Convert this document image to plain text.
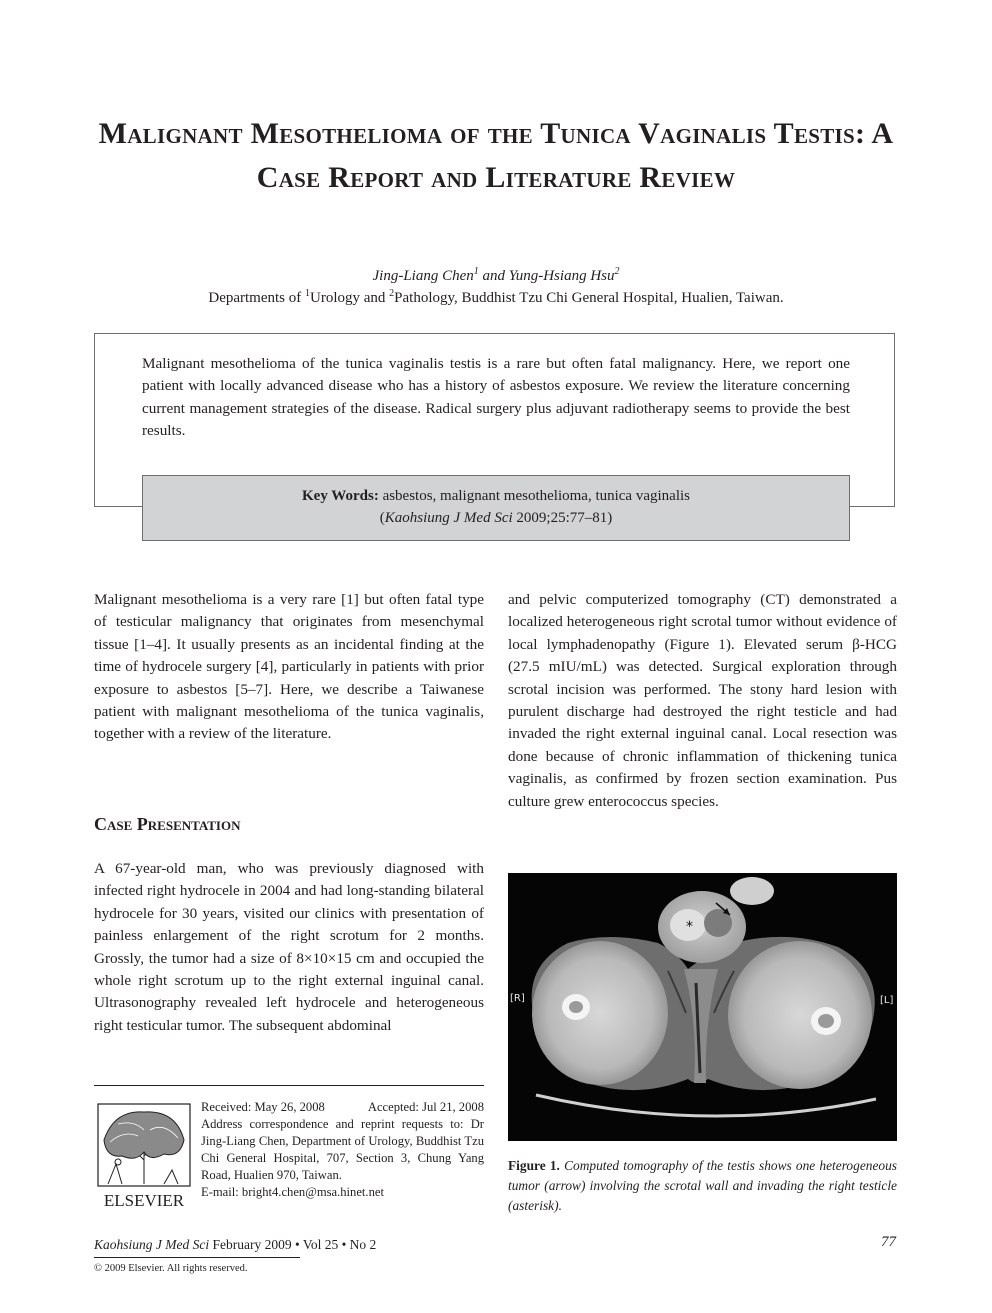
Malignant Mesothelioma of the Tunica Vaginalis Testis: A Case Report and Literature Review
Jing-Liang Chen$^1$ and Yung-Hsiang Hsu$^2$
Departments of $^1$Urology and $^2$Pathology, Buddhist Tzu Chi General Hospital, Hualien, Taiwan.

Malignant mesothelioma of the tunica vaginalis testis is a rare but often fatal malignancy. Here, we report one patient with locally advanced disease who has a history of asbestos exposure. We review the literature concerning current management strategies of the disease. Radical surgery plus adjuvant radiotherapy seems to provide the best results.

Key Words: asbestos, malignant mesothelioma, tunica vaginalis
(Kaohsiung J Med Sci 2009;25:77–81)

Malignant mesothelioma is a very rare [1] but often fatal type of testicular malignancy that originates from mesenchymal tissue [1–4]. It usually presents as an incidental finding at the time of hydrocele surgery [4], particularly in patients with prior exposure to asbestos [5–7]. Here, we describe a Taiwanese patient with malignant mesothelioma of the tunica vaginalis, together with a review of the literature.

Case Presentation

A 67-year-old man, who was previously diagnosed with infected right hydrocele in 2004 and had long-standing bilateral hydrocele for 30 years, visited our clinics with presentation of painless enlargement of the right scrotum for 2 months. Grossly, the tumor had a size of 8×10×15 cm and occupied the whole right scrotum up to the right external inguinal canal. Ultrasonography revealed left hydrocele and heterogeneous right testicular tumor. The subsequent abdominal

ELSEVIER
Received: May 26, 2008	Accepted: Jul 21, 2008
Address correspondence and reprint requests to: Dr Jing-Liang Chen, Department of Urology, Buddhist Tzu Chi General Hospital, 707, Section 3, Chung Yang Road, Hualien 970, Taiwan.
E-mail: bright4.chen@msa.hinet.net

and pelvic computerized tomography (CT) demonstrated a localized heterogeneous right scrotal tumor without evidence of local lymphadenopathy (Figure 1). Elevated serum β-HCG (27.5 mIU/mL) was detected. Surgical exploration through scrotal incision was performed. The stony hard lesion with purulent discharge had destroyed the right testicle and had invaded the right external inguinal canal. Local resection was done because of chronic inflammation of thickening tunica vaginalis, as confirmed by frozen section examination. Pus culture grew enterococcus species.

*
[R]	[L]

Figure 1. Computed tomography of the testis shows one heterogeneous tumor (arrow) involving the scrotal wall and invading the right testicle (asterisk).

Kaohsiung J Med Sci February 2009 • Vol 25 • No 2	77
© 2009 Elsevier. All rights reserved.
